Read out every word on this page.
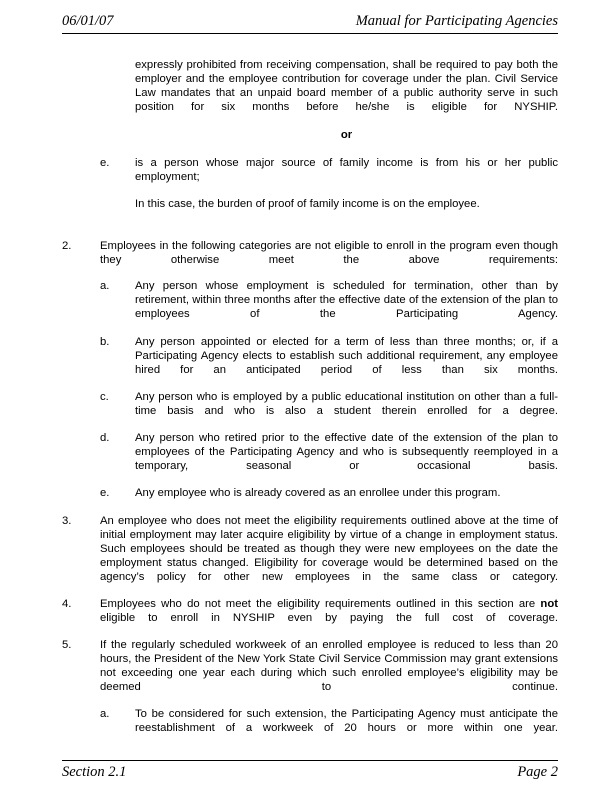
06/01/07	Manual for Participating Agencies

expressly prohibited from receiving compensation, shall be required to pay both the employer and the employee contribution for coverage under the plan. Civil Service Law mandates that an unpaid board member of a public authority serve in such position for six months before he/she is eligible for NYSHIP.

or

e. is a person whose major source of family income is from his or her public employment;

In this case, the burden of proof of family income is on the employee.

2.	Employees in the following categories are not eligible to enroll in the program even though they otherwise meet the above requirements:

a. Any person whose employment is scheduled for termination, other than by retirement, within three months after the effective date of the extension of the plan to employees of the Participating Agency.

b. Any person appointed or elected for a term of less than three months; or, if a Participating Agency elects to establish such additional requirement, any employee hired for an anticipated period of less than six months.

c. Any person who is employed by a public educational institution on other than a full-time basis and who is also a student therein enrolled for a degree.

d. Any person who retired prior to the effective date of the extension of the plan to employees of the Participating Agency and who is subsequently reemployed in a temporary, seasonal or occasional basis.

e. Any employee who is already covered as an enrollee under this program.

3.	An employee who does not meet the eligibility requirements outlined above at the time of initial employment may later acquire eligibility by virtue of a change in employment status. Such employees should be treated as though they were new employees on the date the employment status changed. Eligibility for coverage would be determined based on the agency’s policy for other new employees in the same class or category.

4.	Employees who do not meet the eligibility requirements outlined in this section are not eligible to enroll in NYSHIP even by paying the full cost of coverage.

5.	If the regularly scheduled workweek of an enrolled employee is reduced to less than 20 hours, the President of the New York State Civil Service Commission may grant extensions not exceeding one year each during which such enrolled employee’s eligibility may be deemed to continue.

a. To be considered for such extension, the Participating Agency must anticipate the reestablishment of a workweek of 20 hours or more within one year.

Section 2.1	Page 2
